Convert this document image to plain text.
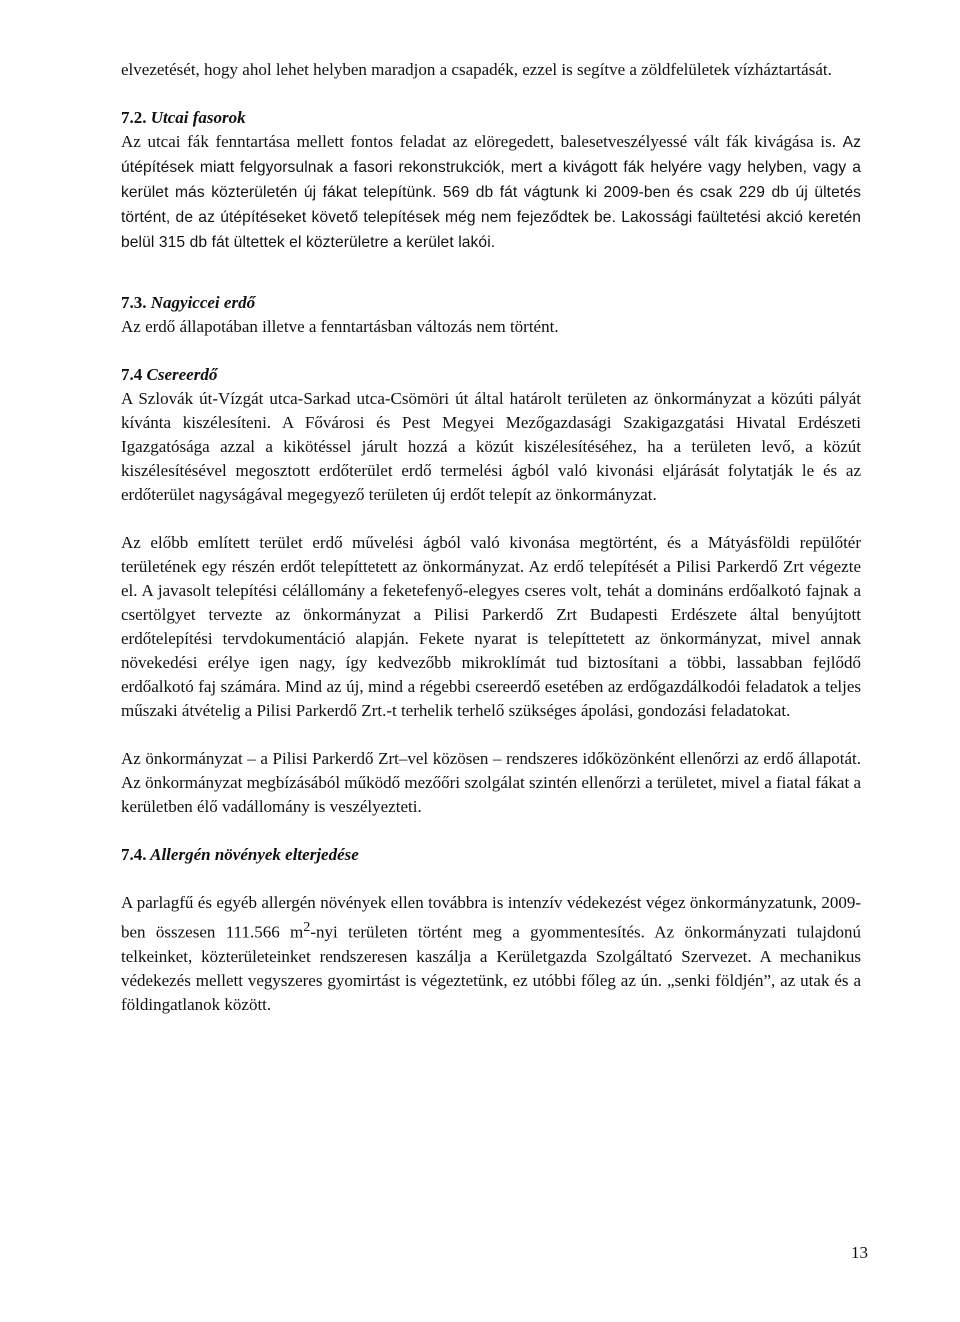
elvezetését, hogy ahol lehet helyben maradjon a csapadék, ezzel is segítve a zöldfelületek vízháztartását.

7.2. Utcai fasorok

Az utcai fák fenntartása mellett fontos feladat az elöregedett, balesetveszélyessé vált fák kivágása is. Az útépítések miatt felgyorsulnak a fasori rekonstrukciók, mert a kivágott fák helyére vagy helyben, vagy a kerület más közterületén új fákat telepítünk. 569 db fát vágtunk ki 2009-ben és csak 229 db új ültetés történt, de az útépítéseket követő telepítések még nem fejeződtek be. Lakossági faültetési akció keretén belül 315 db fát ültettek el közterületre a kerület lakói.

7.3. Nagyiccei erdő

Az erdő állapotában illetve a fenntartásban változás nem történt.

7.4 Csereerdő

A Szlovák út-Vízgát utca-Sarkad utca-Csömöri út által határolt területen az önkormányzat a közúti pályát kívánta kiszélesíteni. A Fővárosi és Pest Megyei Mezőgazdasági Szakigazgatási Hivatal Erdészeti Igazgatósága azzal a kikötéssel járult hozzá a közút kiszélesítéséhez, ha a területen levő, a közút kiszélesítésével megosztott erdőterület erdő termelési ágból való kivonási eljárását folytatják le és az erdőterület nagyságával megegyező területen új erdőt telepít az önkormányzat.

Az előbb említett terület erdő művelési ágból való kivonása megtörtént, és a Mátyásföldi repülőtér területének egy részén erdőt telepíttetett az önkormányzat. Az erdő telepítését a Pilisi Parkerdő Zrt végezte el. A javasolt telepítési célállomány a feketefenyő-elegyes cseres volt, tehát a domináns erdőalkotó fajnak a csertölgyet tervezte az önkormányzat a Pilisi Parkerdő Zrt Budapesti Erdészete által benyújtott erdőtelepítési tervdokumentáció alapján. Fekete nyarat is telepíttetett az önkormányzat, mivel annak növekedési erélye igen nagy, így kedvezőbb mikroklímát tud biztosítani a többi, lassabban fejlődő erdőalkotó faj számára. Mind az új, mind a régebbi csereerdő esetében az erdőgazdálkodói feladatok a teljes műszaki átvételig a Pilisi Parkerdő Zrt.-t terhelik terhelő szükséges ápolási, gondozási feladatokat.

Az önkormányzat – a Pilisi Parkerdő Zrt–vel közösen – rendszeres időközönként ellenőrzi az erdő állapotát. Az önkormányzat megbízásából működő mezőőri szolgálat szintén ellenőrzi a területet, mivel a fiatal fákat a kerületben élő vadállomány is veszélyezteti.

7.4. Allergén növények elterjedése

A parlagfű és egyéb allergén növények ellen továbbra is intenzív védekezést végez önkormányzatunk, 2009-ben összesen 111.566 $m^2$-nyi területen történt meg a gyommentesítés. Az önkormányzati tulajdonú telkeinket, közterületeinket rendszeresen kaszálja a Kerületgazda Szolgáltató Szervezet. A mechanikus védekezés mellett vegyszeres gyomirtást is végeztetünk, ez utóbbi főleg az ún. „senki földjén”, az utak és a földingatlanok között.

13
